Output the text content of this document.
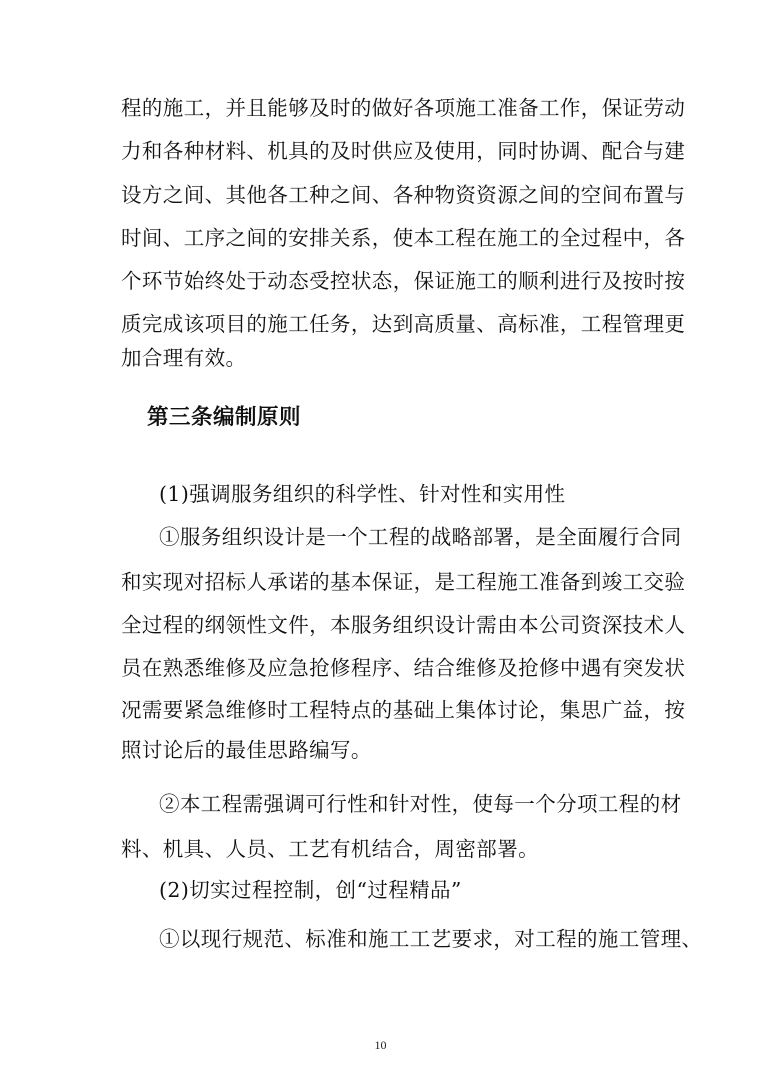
程的施工，并且能够及时的做好各项施工准备工作，保证劳动
力和各种材料、机具的及时供应及使用，同时协调、配合与建
设方之间、其他各工种之间、各种物资资源之间的空间布置与
时间、工序之间的安排关系，使本工程在施工的全过程中，各
个环节始终处于动态受控状态，保证施工的顺利进行及按时按
质完成该项目的施工任务，达到高质量、高标准，工程管理更
加合理有效。
第三条编制原则
(1)强调服务组织的科学性、针对性和实用性
➀服务组织设计是一个工程的战略部署，是全面履行合同
和实现对招标人承诺的基本保证，是工程施工准备到竣工交验
全过程的纲领性文件，本服务组织设计需由本公司资深技术人
员在熟悉维修及应急抢修程序、结合维修及抢修中遇有突发状
况需要紧急维修时工程特点的基础上集体讨论，集思广益，按
照讨论后的最佳思路编写。
➁本工程需强调可行性和针对性，使每一个分项工程的材
料、机具、人员、工艺有机结合，周密部署。
(2)切实过程控制，创“过程精品”
➀以现行规范、标准和施工工艺要求，对工程的施工管理、
10
